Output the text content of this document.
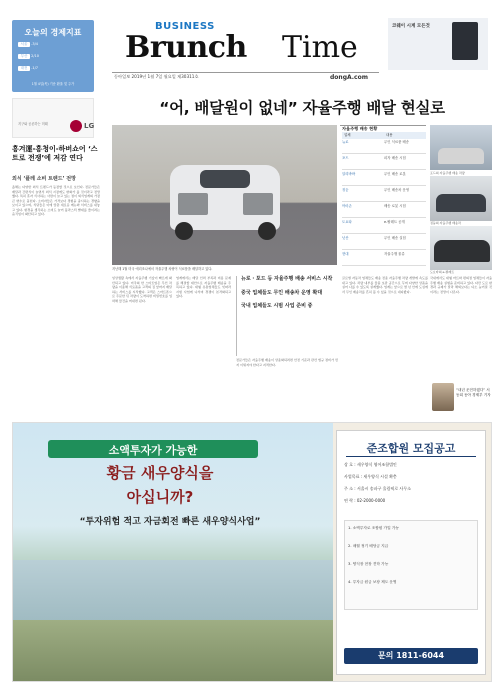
오늘의 경제지표
서울 -3/4
부산 2/10
대전 -1/7
1월 4일(목) 기준 환율 및 주가
지구와 공존하는 미래	LG
BUSINESS
Brunch Time
동아일보 2019년 1월 7일 월요일 제30311호	dongA.com
코웨이 시계 모든것
“어, 배달원이 없네” 자율주행 배달 현실로
지난해 1월 미국 애리조나에서 자율주행 차량이 식료품을 배달하고 있다.
자율주행 배송 현황
업체	내용
뉴로	무인 식료품 배송
포드	피자 배송 시험
알리바바	무인 배송 로봇
징둥	무인 배송차 운영
아마존	배송 로봇 시험
도요타	e-팔레트 공개
닛산	무인 배송 실험
현대	자율주행 물류
포드의 자율주행 배송 차량
징둥의 자율주행 배송차
도요타의 e-팔레트
흥겨運-흥청이-하버쇼어 ‘스트로 전쟁’에 저감 연다
외식 ‘플레 소비 트렌드’ 전망
올해는 다양한 외식 트렌드가 등장할 것으로 보인다. 전문가들은 배달과 간편식이 늘면서 외식 시장에도 변화가 올 것이라고 전망했다. 특히 혼자 식사하는 사람이 늘고 있는 점이 외식업계의 가장 큰 변수로 꼽힌다. 소비자들은 가격보다 경험을 중시하는 경향을 보이고 있으며, 식당들은 이에 맞춘 새로운 메뉴와 서비스를 내놓고 있다. 환경을 생각하는 소비도 늘어 플라스틱 빨대를 줄이려는 움직임이 확산되고 있다.
일상생활 속에서 자율주행 기술이 빠르게 확산되고 있다. 미국의 한 스타트업은 무인 차량을 이용해 식료품을 고객의 집 앞까지 배달하는 서비스를 시작했다. 고객은 스마트폰으로 주문한 뒤 차량이 도착하면 비밀번호를 입력해 물건을 꺼내면 된다.
업계에서는 배달 인력 부족과 비용 문제를 해결할 대안으로 자율주행 배송을 주목하고 있다. 대형 유통업체들도 잇따라 시범 사업에 나서며 경쟁이 본격화되고 있다.
뉴로 · 포드 등 자율주행 배송 서비스 시작
중국 업체들도 무인 배송차 운영 확대
국내 업체들도 시범 사업 준비 중
전문가들은 자율주행 배송이 상용화되려면 안전 기준과 관련 법규 정비가 먼저 이뤄져야 한다고 지적한다.
글로벌 자동차 업체들도 배송 전용 자율주행 차량 개발에 속도를 내고 있다. 차량 내부를 물품 보관 공간으로 꾸며 다양한 상품을 실어 나를 수 있도록 설계했다. 업계는 앞으로 몇 년 안에 도심에서 무인 배송차를 흔히 볼 수 있을 것으로 내다봤다.
국내에서도 대형 마트와 편의점 업체들이 자율주행 배송 실험을 준비하고 있다. 다만 도로 환경과 규제가 달라 해외보다는 다소 늦어질 것이라는 전망이 나온다.
“내년 운전하겠다” 서동희 동아 경제부 기자
소액투자가 가능한
황금 새우양식을
아십니까?
“투자위험 적고 자금회전 빠른 새우양식사업”
준조합원 모집공고
상 호 : 새우양식 영어조합법인
사업목표 : 새우양식 시설 확충
주 소 : 서울시 송파구 올림픽로 사무소
연 락 : 02-2000-0000
1. 소액투자로 조합원 가입 가능
2. 매월 정기 배당금 지급
3. 양식장 현장 견학 가능
4. 투자금 원금 보장 제도 운영
문의 1811-6044
